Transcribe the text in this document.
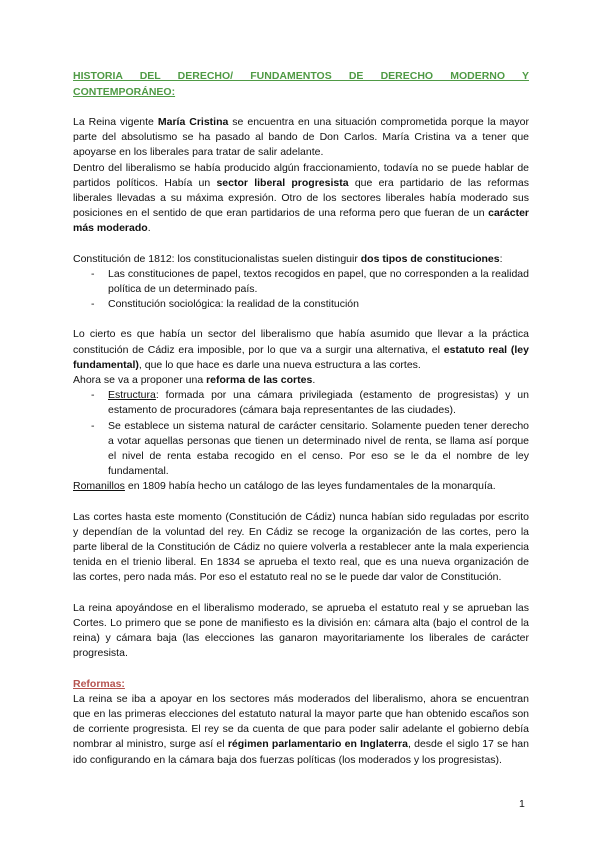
HISTORIA DEL DERECHO/ FUNDAMENTOS DE DERECHO MODERNO Y CONTEMPORÁNEO:

La Reina vigente María Cristina se encuentra en una situación comprometida porque la mayor parte del absolutismo se ha pasado al bando de Don Carlos. María Cristina va a tener que apoyarse en los liberales para tratar de salir adelante.

Dentro del liberalismo se había producido algún fraccionamiento, todavía no se puede hablar de partidos políticos. Había un sector liberal progresista que era partidario de las reformas liberales llevadas a su máxima expresión. Otro de los sectores liberales había moderado sus posiciones en el sentido de que eran partidarios de una reforma pero que fueran de un carácter más moderado.

Constitución de 1812: los constitucionalistas suelen distinguir dos tipos de constituciones:

- Las constituciones de papel, textos recogidos en papel, que no corresponden a la realidad política de un determinado país.
- Constitución sociológica: la realidad de la constitución

Lo cierto es que había un sector del liberalismo que había asumido que llevar a la práctica constitución de Cádiz era imposible, por lo que va a surgir una alternativa, el estatuto real (ley fundamental), que lo que hace es darle una nueva estructura a las cortes.

Ahora se va a proponer una reforma de las cortes.

- Estructura: formada por una cámara privilegiada (estamento de progresistas) y un estamento de procuradores (cámara baja representantes de las ciudades).
- Se establece un sistema natural de carácter censitario. Solamente pueden tener derecho a votar aquellas personas que tienen un determinado nivel de renta, se llama así porque el nivel de renta estaba recogido en el censo. Por eso se le da el nombre de ley fundamental.

Romanillos en 1809 había hecho un catálogo de las leyes fundamentales de la monarquía.

Las cortes hasta este momento (Constitución de Cádiz) nunca habían sido reguladas por escrito y dependían de la voluntad del rey. En Cádiz se recoge la organización de las cortes, pero la parte liberal de la Constitución de Cádiz no quiere volverla a restablecer ante la mala experiencia tenida en el trienio liberal. En 1834 se aprueba el texto real, que es una nueva organización de las cortes, pero nada más. Por eso el estatuto real no se le puede dar valor de Constitución.

La reina apoyándose en el liberalismo moderado, se aprueba el estatuto real y se aprueban las Cortes. Lo primero que se pone de manifiesto es la división en: cámara alta (bajo el control de la reina) y cámara baja (las elecciones las ganaron mayoritariamente los liberales de carácter progresista.

Reformas:

La reina se iba a apoyar en los sectores más moderados del liberalismo, ahora se encuentran que en las primeras elecciones del estatuto natural la mayor parte que han obtenido escaños son de corriente progresista. El rey se da cuenta de que para poder salir adelante el gobierno debía nombrar al ministro, surge así el régimen parlamentario en Inglaterra, desde el siglo 17 se han ido configurando en la cámara baja dos fuerzas políticas (los moderados y los progresistas).

1
